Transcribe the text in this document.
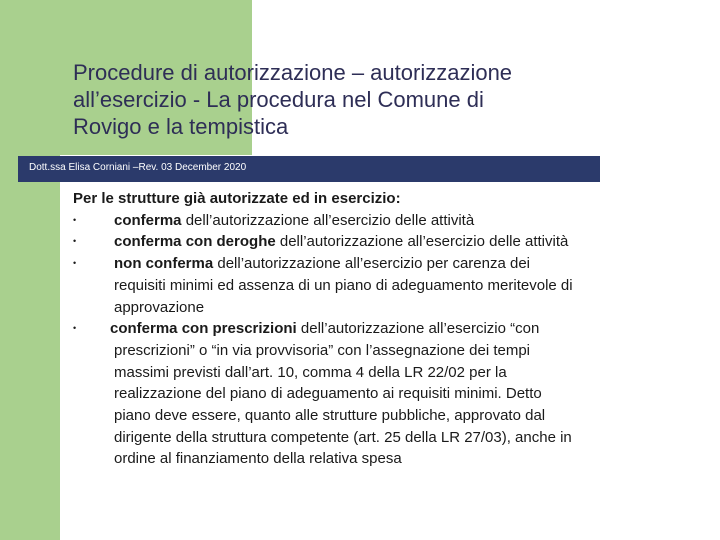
Procedure di autorizzazione – autorizzazione
all’esercizio - La procedura nel Comune di
Rovigo e la tempistica
Dott.ssa Elisa Corniani –Rev. 03 December 2020
Per le strutture già autorizzate ed in esercizio:
•	conferma dell’autorizzazione all’esercizio delle attività
•	conferma con deroghe dell’autorizzazione all’esercizio delle attività
•	non conferma dell’autorizzazione all’esercizio per carenza dei
requisiti minimi ed assenza di un piano di adeguamento meritevole di
approvazione
•	conferma con prescrizioni dell’autorizzazione all’esercizio “con
prescrizioni” o “in via provvisoria” con l’assegnazione dei tempi
massimi previsti dall’art. 10, comma 4 della LR 22/02 per la
realizzazione del piano di adeguamento ai requisiti minimi. Detto
piano deve essere, quanto alle strutture pubbliche, approvato dal
dirigente della struttura competente (art. 25 della LR 27/03), anche in
ordine al finanziamento della relativa spesa
